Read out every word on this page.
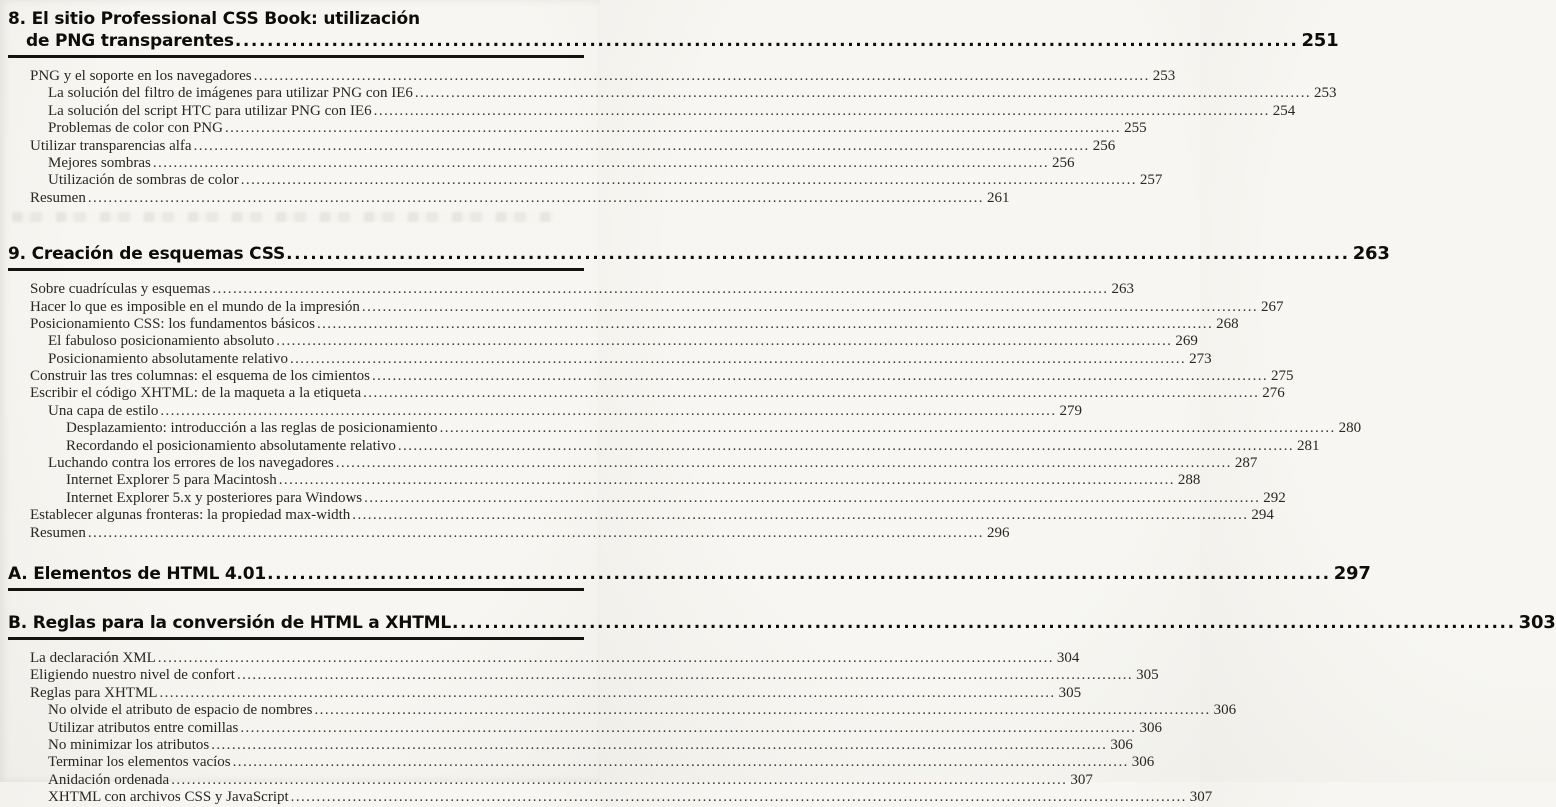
8. El sitio Professional CSS Book: utilización
de PNG transparentes .....	251
PNG y el soporte en los navegadores .....	253
La solución del filtro de imágenes para utilizar PNG con IE6 .....	253
La solución del script HTC para utilizar PNG con IE6 .....	254
Problemas de color con PNG .....	255
Utilizar transparencias alfa .....	256
Mejores sombras .....	256
Utilización de sombras de color .....	257
Resumen .....	261
9. Creación de esquemas CSS .....	263
Sobre cuadrículas y esquemas .....	263
Hacer lo que es imposible en el mundo de la impresión .....	267
Posicionamiento CSS: los fundamentos básicos .....	268
El fabuloso posicionamiento absoluto .....	269
Posicionamiento absolutamente relativo .....	273
Construir las tres columnas: el esquema de los cimientos .....	275
Escribir el código XHTML: de la maqueta a la etiqueta .....	276
Una capa de estilo .....	279
Desplazamiento: introducción a las reglas de posicionamiento .....	280
Recordando el posicionamiento absolutamente relativo .....	281
Luchando contra los errores de los navegadores .....	287
Internet Explorer 5 para Macintosh .....	288
Internet Explorer 5.x y posteriores para Windows .....	292
Establecer algunas fronteras: la propiedad max-width .....	294
Resumen .....	296
A. Elementos de HTML 4.01 .....	297
B. Reglas para la conversión de HTML a XHTML .....	303
La declaración XML .....	304
Eligiendo nuestro nivel de confort .....	305
Reglas para XHTML .....	305
No olvide el atributo de espacio de nombres .....	306
Utilizar atributos entre comillas .....	306
No minimizar los atributos .....	306
Terminar los elementos vacíos .....	306
Anidación ordenada .....	307
XHTML con archivos CSS y JavaScript .....	307
